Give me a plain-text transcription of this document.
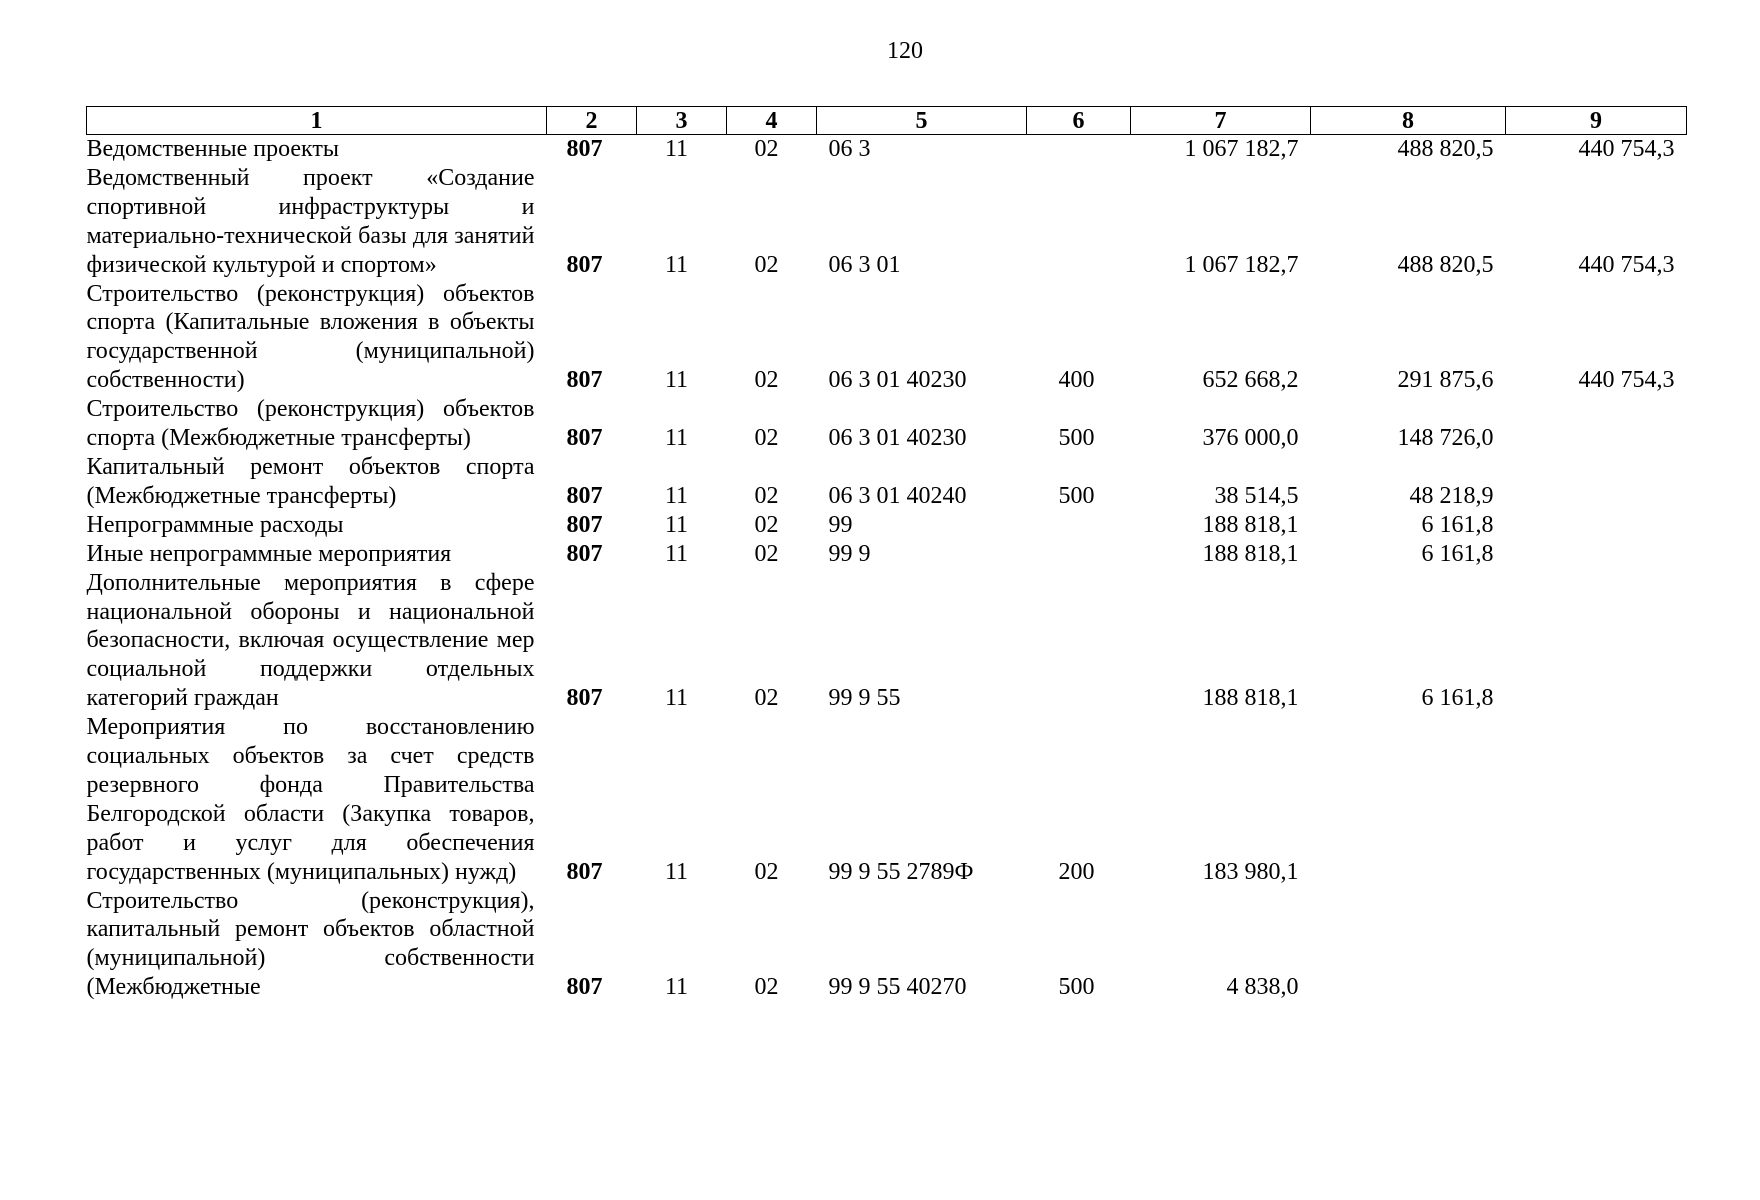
120
1	2	3	4	5	6	7	8	9
Ведомственные проекты	807	11	02	06 3		1 067 182,7	488 820,5	440 754,3
Ведомственный проект «Создание спортивной инфраструктуры и материально-технической базы для занятий физической культурой и спортом»	807	11	02	06 3 01		1 067 182,7	488 820,5	440 754,3
Строительство (реконструкция) объектов спорта (Капитальные вложения в объекты государственной (муниципальной) собственности)	807	11	02	06 3 01 40230	400	652 668,2	291 875,6	440 754,3
Строительство (реконструкция) объектов спорта (Межбюджетные трансферты)	807	11	02	06 3 01 40230	500	376 000,0	148 726,0	
Капитальный ремонт объектов спорта (Межбюджетные трансферты)	807	11	02	06 3 01 40240	500	38 514,5	48 218,9	
Непрограммные расходы	807	11	02	99		188 818,1	6 161,8	
Иные непрограммные мероприятия	807	11	02	99 9		188 818,1	6 161,8	
Дополнительные мероприятия в сфере национальной обороны и национальной безопасности, включая осуществление мер социальной поддержки отдельных категорий граждан	807	11	02	99 9 55		188 818,1	6 161,8	
Мероприятия по восстановлению социальных объектов за счет средств резервного фонда Правительства Белгородской области (Закупка товаров, работ и услуг для обеспечения государственных (муниципальных) нужд)	807	11	02	99 9 55 2789Ф	200	183 980,1		
Строительство (реконструкция), капитальный ремонт объектов областной (муниципальной) собственности (Межбюджетные	807	11	02	99 9 55 40270	500	4 838,0		
